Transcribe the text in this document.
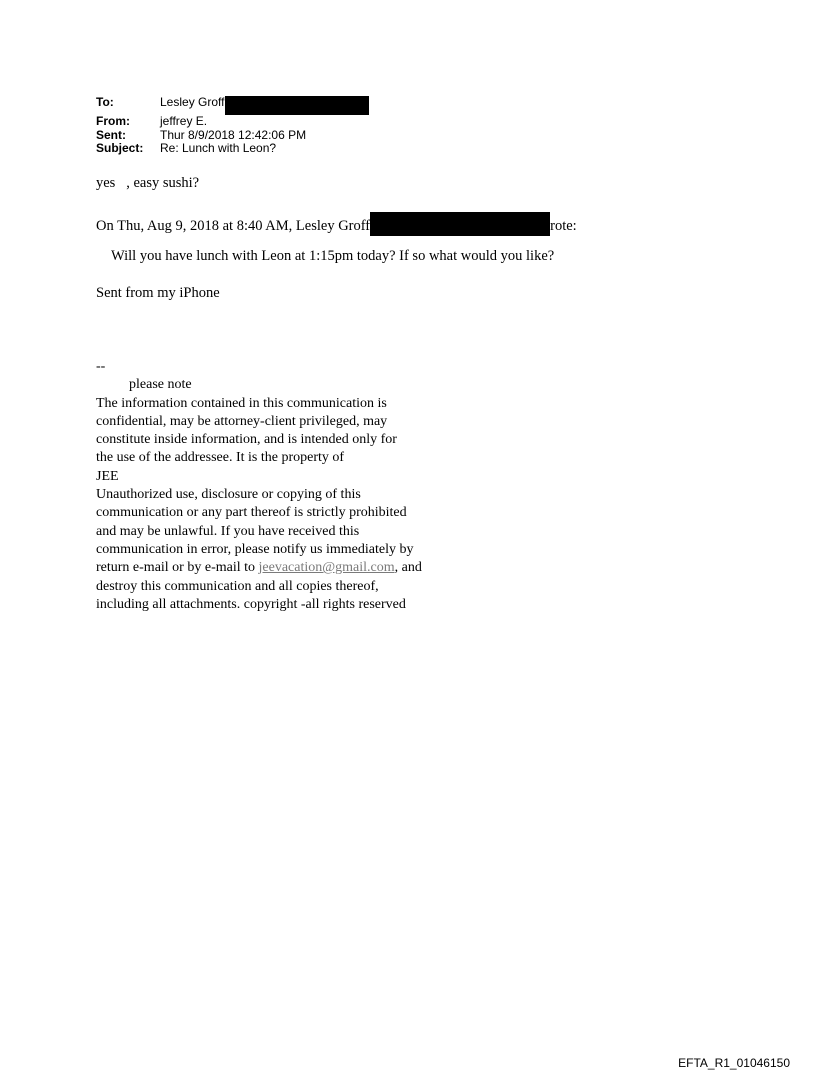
To:	Lesley Groff
From:	jeffrey E.
Sent:	Thur 8/9/2018 12:42:06 PM
Subject:	Re: Lunch with Leon?
yes   , easy sushi?
On Thu, Aug 9, 2018 at 8:40 AM, Lesley Groff	rote:
Will you have lunch with Leon at 1:15pm today? If so what would you like?
Sent from my iPhone
--
please note
The information contained in this communication is
confidential, may be attorney-client privileged, may
constitute inside information, and is intended only for
the use of the addressee. It is the property of
JEE
Unauthorized use, disclosure or copying of this
communication or any part thereof is strictly prohibited
and may be unlawful. If you have received this
communication in error, please notify us immediately by
return e-mail or by e-mail to jeevacation@gmail.com, and
destroy this communication and all copies thereof,
including all attachments. copyright -all rights reserved
EFTA_R1_01046150
